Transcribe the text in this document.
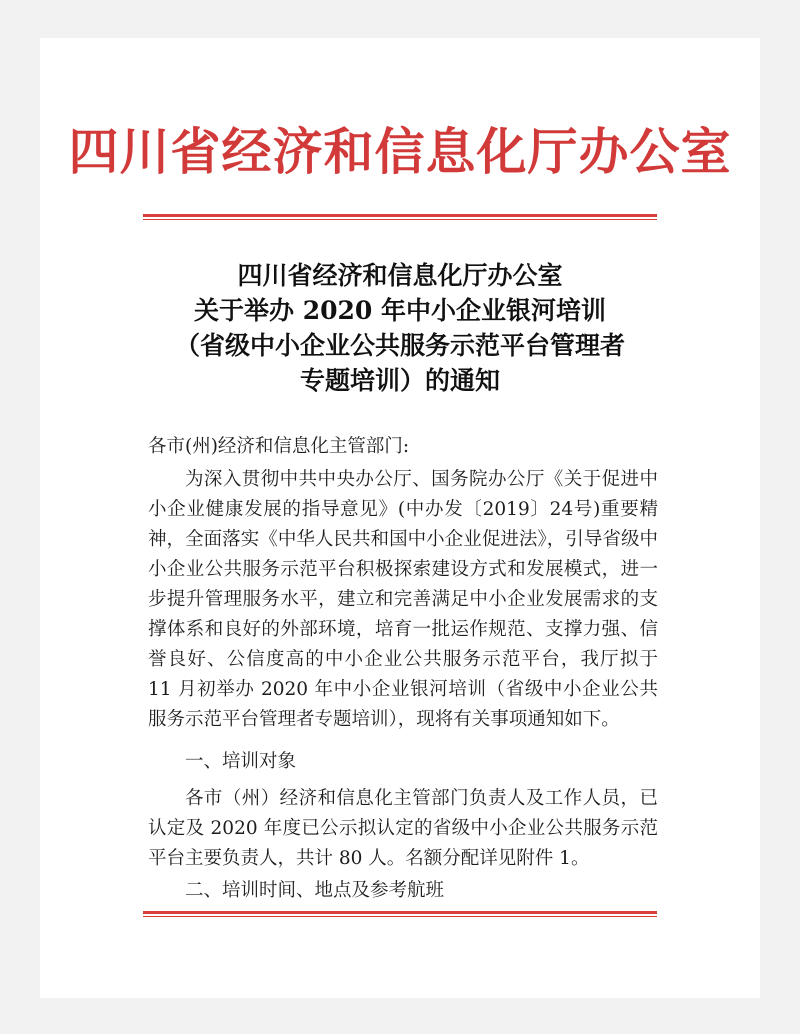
四川省经济和信息化厅办公室
四川省经济和信息化厅办公室
关于举办 2020 年中小企业银河培训
（省级中小企业公共服务示范平台管理者
专题培训）的通知
各市(州)经济和信息化主管部门:

为深入贯彻中共中央办公厅、国务院办公厅《关于促进中小企业健康发展的指导意见》(中办发〔2019〕24号)重要精神，全面落实《中华人民共和国中小企业促进法》，引导省级中小企业公共服务示范平台积极探索建设方式和发展模式，进一步提升管理服务水平，建立和完善满足中小企业发展需求的支撑体系和良好的外部环境，培育一批运作规范、支撑力强、信誉良好、公信度高的中小企业公共服务示范平台，我厅拟于 11 月初举办 2020 年中小企业银河培训（省级中小企业公共服务示范平台管理者专题培训），现将有关事项通知如下。

一、培训对象

各市（州）经济和信息化主管部门负责人及工作人员，已认定及 2020 年度已公示拟认定的省级中小企业公共服务示范平台主要负责人，共计 80 人。名额分配详见附件 1。

二、培训时间、地点及参考航班
